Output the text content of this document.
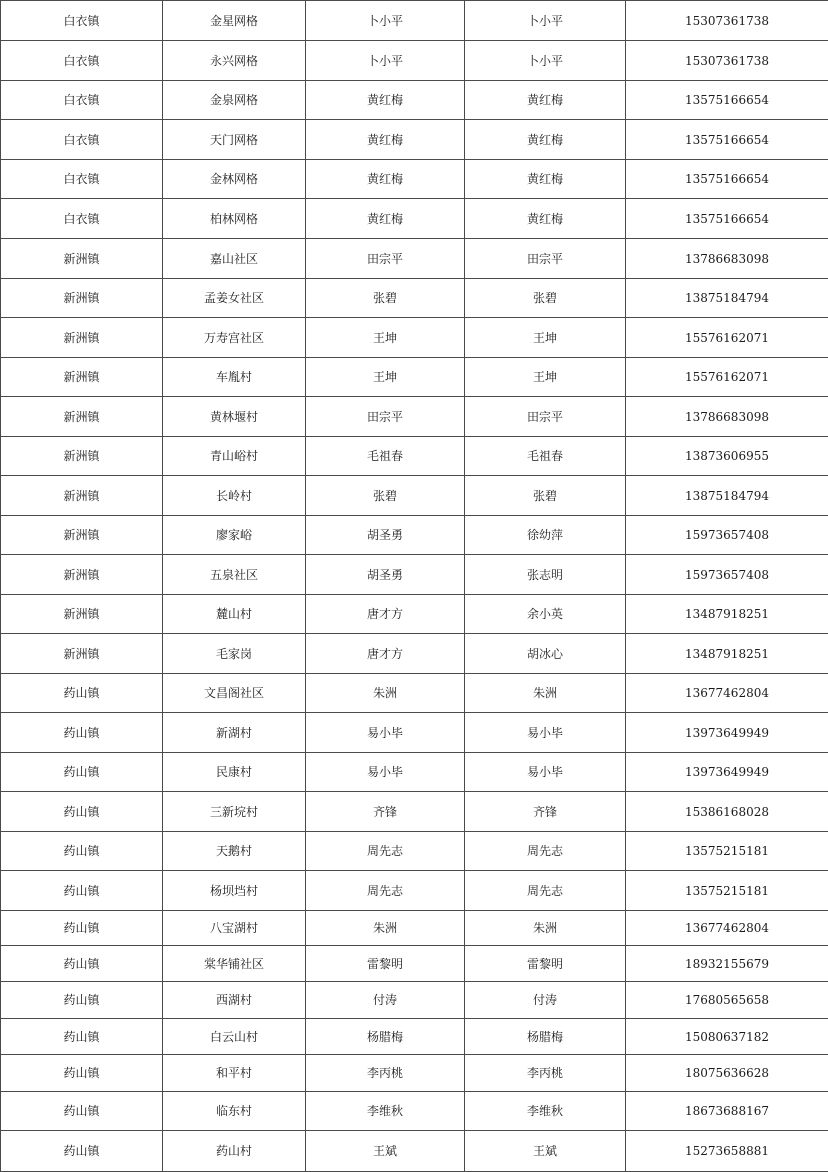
白衣镇	金星网格	卜小平	卜小平	15307361738
白衣镇	永兴网格	卜小平	卜小平	15307361738
白衣镇	金泉网格	黄红梅	黄红梅	13575166654
白衣镇	天门网格	黄红梅	黄红梅	13575166654
白衣镇	金林网格	黄红梅	黄红梅	13575166654
白衣镇	柏林网格	黄红梅	黄红梅	13575166654
新洲镇	嘉山社区	田宗平	田宗平	13786683098
新洲镇	孟姜女社区	张碧	张碧	13875184794
新洲镇	万寿宫社区	王坤	王坤	15576162071
新洲镇	车胤村	王坤	王坤	15576162071
新洲镇	黄林堰村	田宗平	田宗平	13786683098
新洲镇	青山峪村	毛祖春	毛祖春	13873606955
新洲镇	长岭村	张碧	张碧	13875184794
新洲镇	廖家峪	胡圣勇	徐幼萍	15973657408
新洲镇	五泉社区	胡圣勇	张志明	15973657408
新洲镇	麓山村	唐才方	余小英	13487918251
新洲镇	毛家岗	唐才方	胡冰心	13487918251
药山镇	文昌阁社区	朱洲	朱洲	13677462804
药山镇	新湖村	易小毕	易小毕	13973649949
药山镇	民康村	易小毕	易小毕	13973649949
药山镇	三新垸村	齐锋	齐锋	15386168028
药山镇	天鹅村	周先志	周先志	13575215181
药山镇	杨坝垱村	周先志	周先志	13575215181
药山镇	八宝湖村	朱洲	朱洲	13677462804
药山镇	棠华铺社区	雷黎明	雷黎明	18932155679
药山镇	西湖村	付涛	付涛	17680565658
药山镇	白云山村	杨腊梅	杨腊梅	15080637182
药山镇	和平村	李丙桃	李丙桃	18075636628
药山镇	临东村	李维秋	李维秋	18673688167
药山镇	药山村	王斌	王斌	15273658881
